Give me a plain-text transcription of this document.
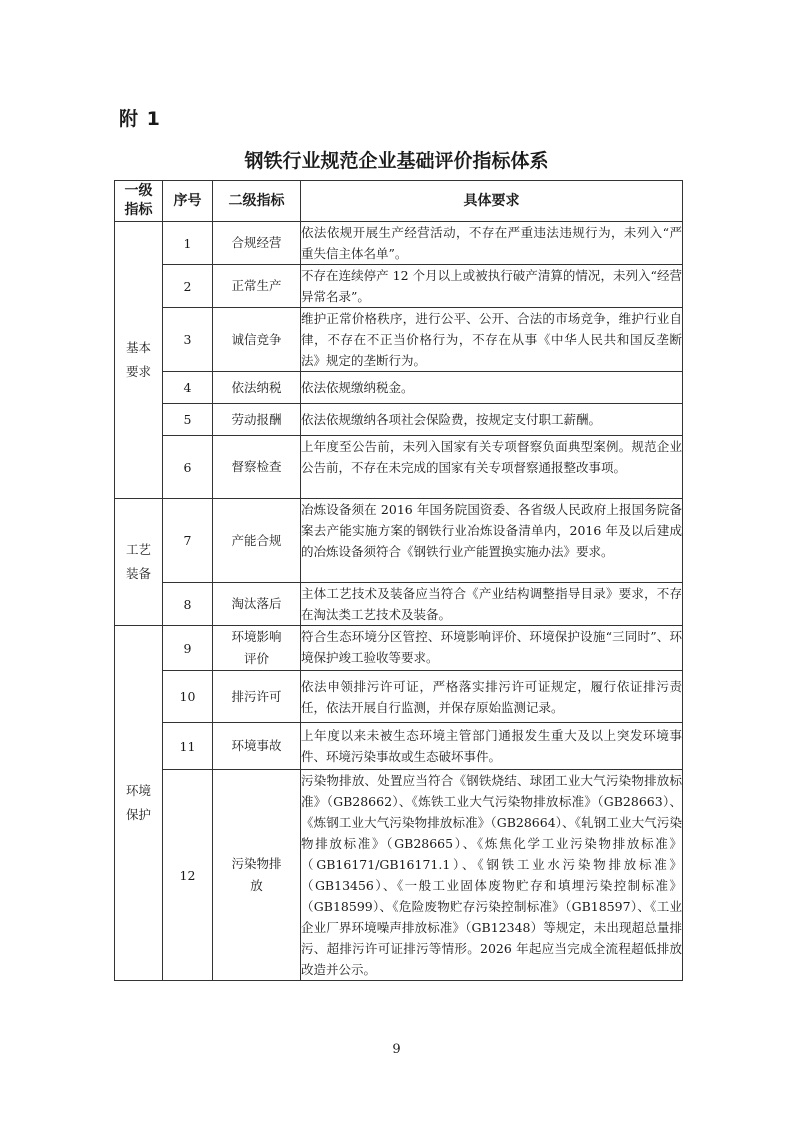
附 1
钢铁行业规范企业基础评价指标体系
一级指标	序号	二级指标	具体要求
基本要求	1	合规经营	依法依规开展生产经营活动，不存在严重违法违规行为，未列入“严重失信主体名单”。
	2	正常生产	不存在连续停产 12 个月以上或被执行破产清算的情况，未列入“经营异常名录”。
	3	诚信竞争	维护正常价格秩序，进行公平、公开、合法的市场竞争，维护行业自律，不存在不正当价格行为，不存在从事《中华人民共和国反垄断法》规定的垄断行为。
	4	依法纳税	依法依规缴纳税金。
	5	劳动报酬	依法依规缴纳各项社会保险费，按规定支付职工薪酬。
	6	督察检查	上年度至公告前，未列入国家有关专项督察负面典型案例。规范企业公告前，不存在未完成的国家有关专项督察通报整改事项。
工艺装备	7	产能合规	冶炼设备须在 2016 年国务院国资委、各省级人民政府上报国务院备案去产能实施方案的钢铁行业冶炼设备清单内，2016 年及以后建成的冶炼设备须符合《钢铁行业产能置换实施办法》要求。
	8	淘汰落后	主体工艺技术及装备应当符合《产业结构调整指导目录》要求，不存在淘汰类工艺技术及装备。
环境保护	9	环境影响评价	符合生态环境分区管控、环境影响评价、环境保护设施“三同时”、环境保护竣工验收等要求。
	10	排污许可	依法申领排污许可证，严格落实排污许可证规定，履行依证排污责任，依法开展自行监测，并保存原始监测记录。
	11	环境事故	上年度以来未被生态环境主管部门通报发生重大及以上突发环境事件、环境污染事故或生态破坏事件。
	12	污染物排放	污染物排放、处置应当符合《钢铁烧结、球团工业大气污染物排放标准》（GB28662）、《炼铁工业大气污染物排放标准》（GB28663）、《炼钢工业大气污染物排放标准》（GB28664）、《轧钢工业大气污染物排放标准》（GB28665）、《炼焦化学工业污染物排放标准》（GB16171/GB16171.1）、《钢铁工业水污染物排放标准》（GB13456）、《一般工业固体废物贮存和填埋污染控制标准》（GB18599）、《危险废物贮存污染控制标准》（GB18597）、《工业企业厂界环境噪声排放标准》（GB12348）等规定，未出现超总量排污、超排污许可证排污等情形。2026 年起应当完成全流程超低排放改造并公示。
9
